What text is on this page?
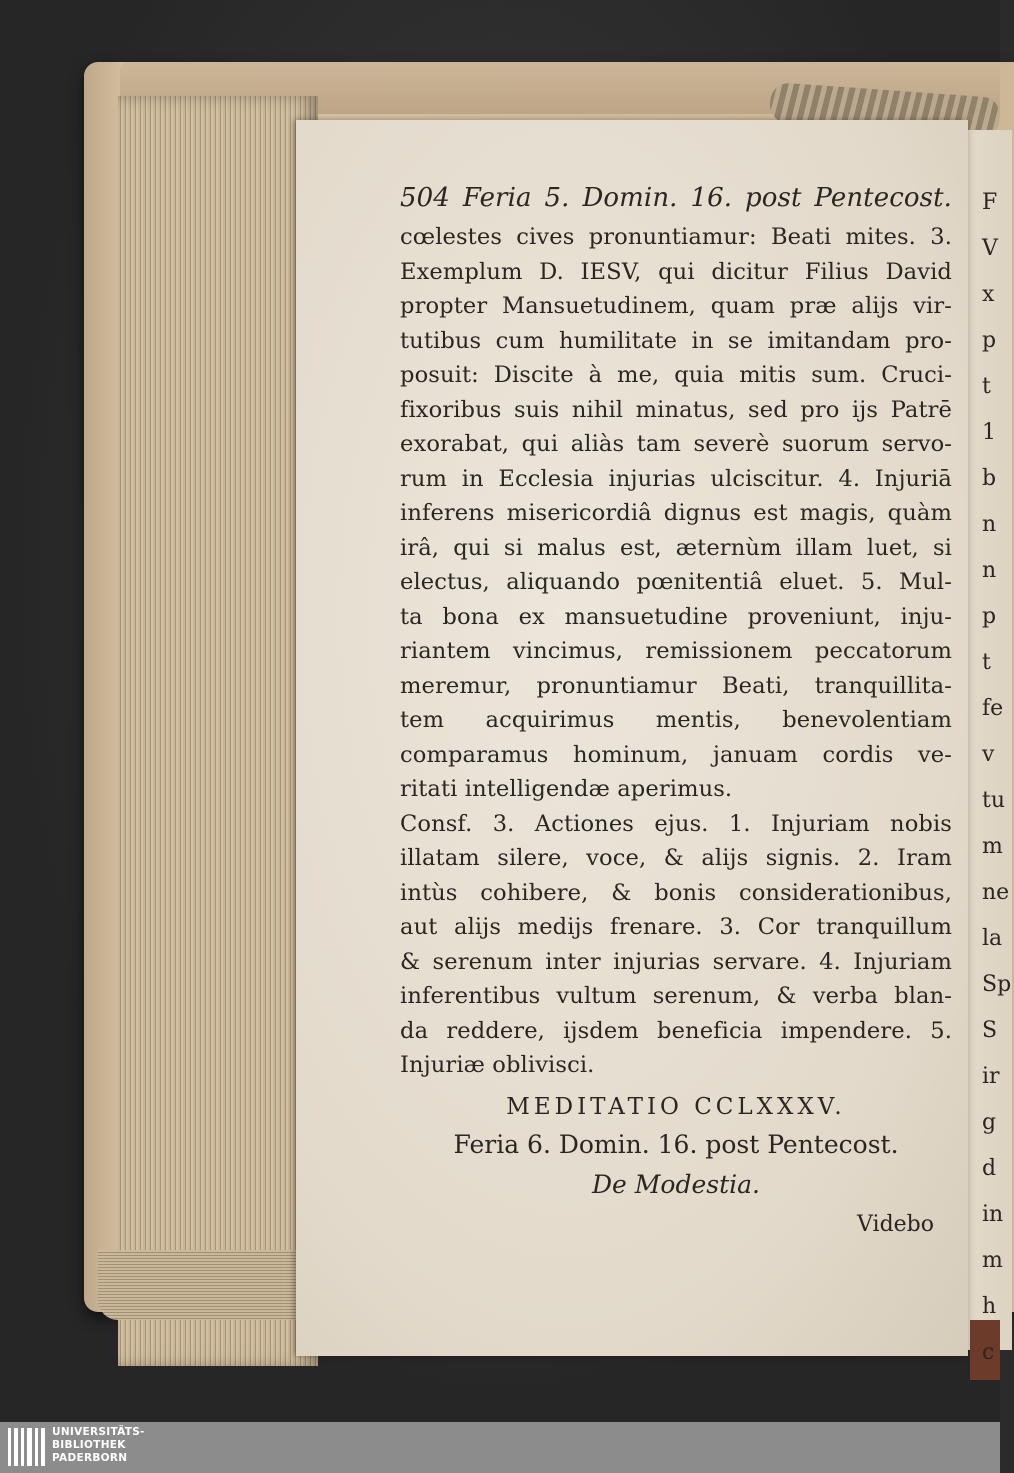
504 Feria 5. Domin. 16. post Pentecost.
cœlestes cives pronuntiamur: Beati mites. 3.
Exemplum D. IESV, qui dicitur Filius David
propter Mansuetudinem, quam præ alijs vir-
tutibus cum humilitate in se imitandam pro-
posuit: Discite à me, quia mitis sum. Cruci-
fixoribus suis nihil minatus, sed pro ijs Patrē
exorabat, qui aliàs tam severè suorum servo-
rum in Ecclesia injurias ulciscitur. 4. Injuriā
inferens misericordiâ dignus est magis, quàm
irâ, qui si malus est, æternùm illam luet, si
electus, aliquando pœnitentiâ eluet. 5. Mul-
ta bona ex mansuetudine proveniunt, inju-
riantem vincimus, remissionem peccatorum
meremur, pronuntiamur Beati, tranquillita-
tem acquirimus mentis, benevolentiam
comparamus hominum, januam cordis ve-
ritati intelligendæ aperimus.
Consf. 3. Actiones ejus. 1. Injuriam nobis
illatam silere, voce, & alijs signis. 2. Iram
intùs cohibere, & bonis considerationibus,
aut alijs medijs frenare. 3. Cor tranquillum
& serenum inter injurias servare. 4. Injuriam
inferentibus vultum serenum, & verba blan-
da reddere, ijsdem beneficia impendere. 5.
Injuriæ oblivisci.
MEDITATIO CCLXXXV.
Feria 6. Domin. 16. post Pentecost.
De Modestia.
Videbo
F
V
x
p
t
1
b
n
n
p
t
fe
v
tu
m
ne
la
Sp
S
ir
g
d
in
m
h
c
UNIVERSITÄTS-
BIBLIOTHEK
PADERBORN
